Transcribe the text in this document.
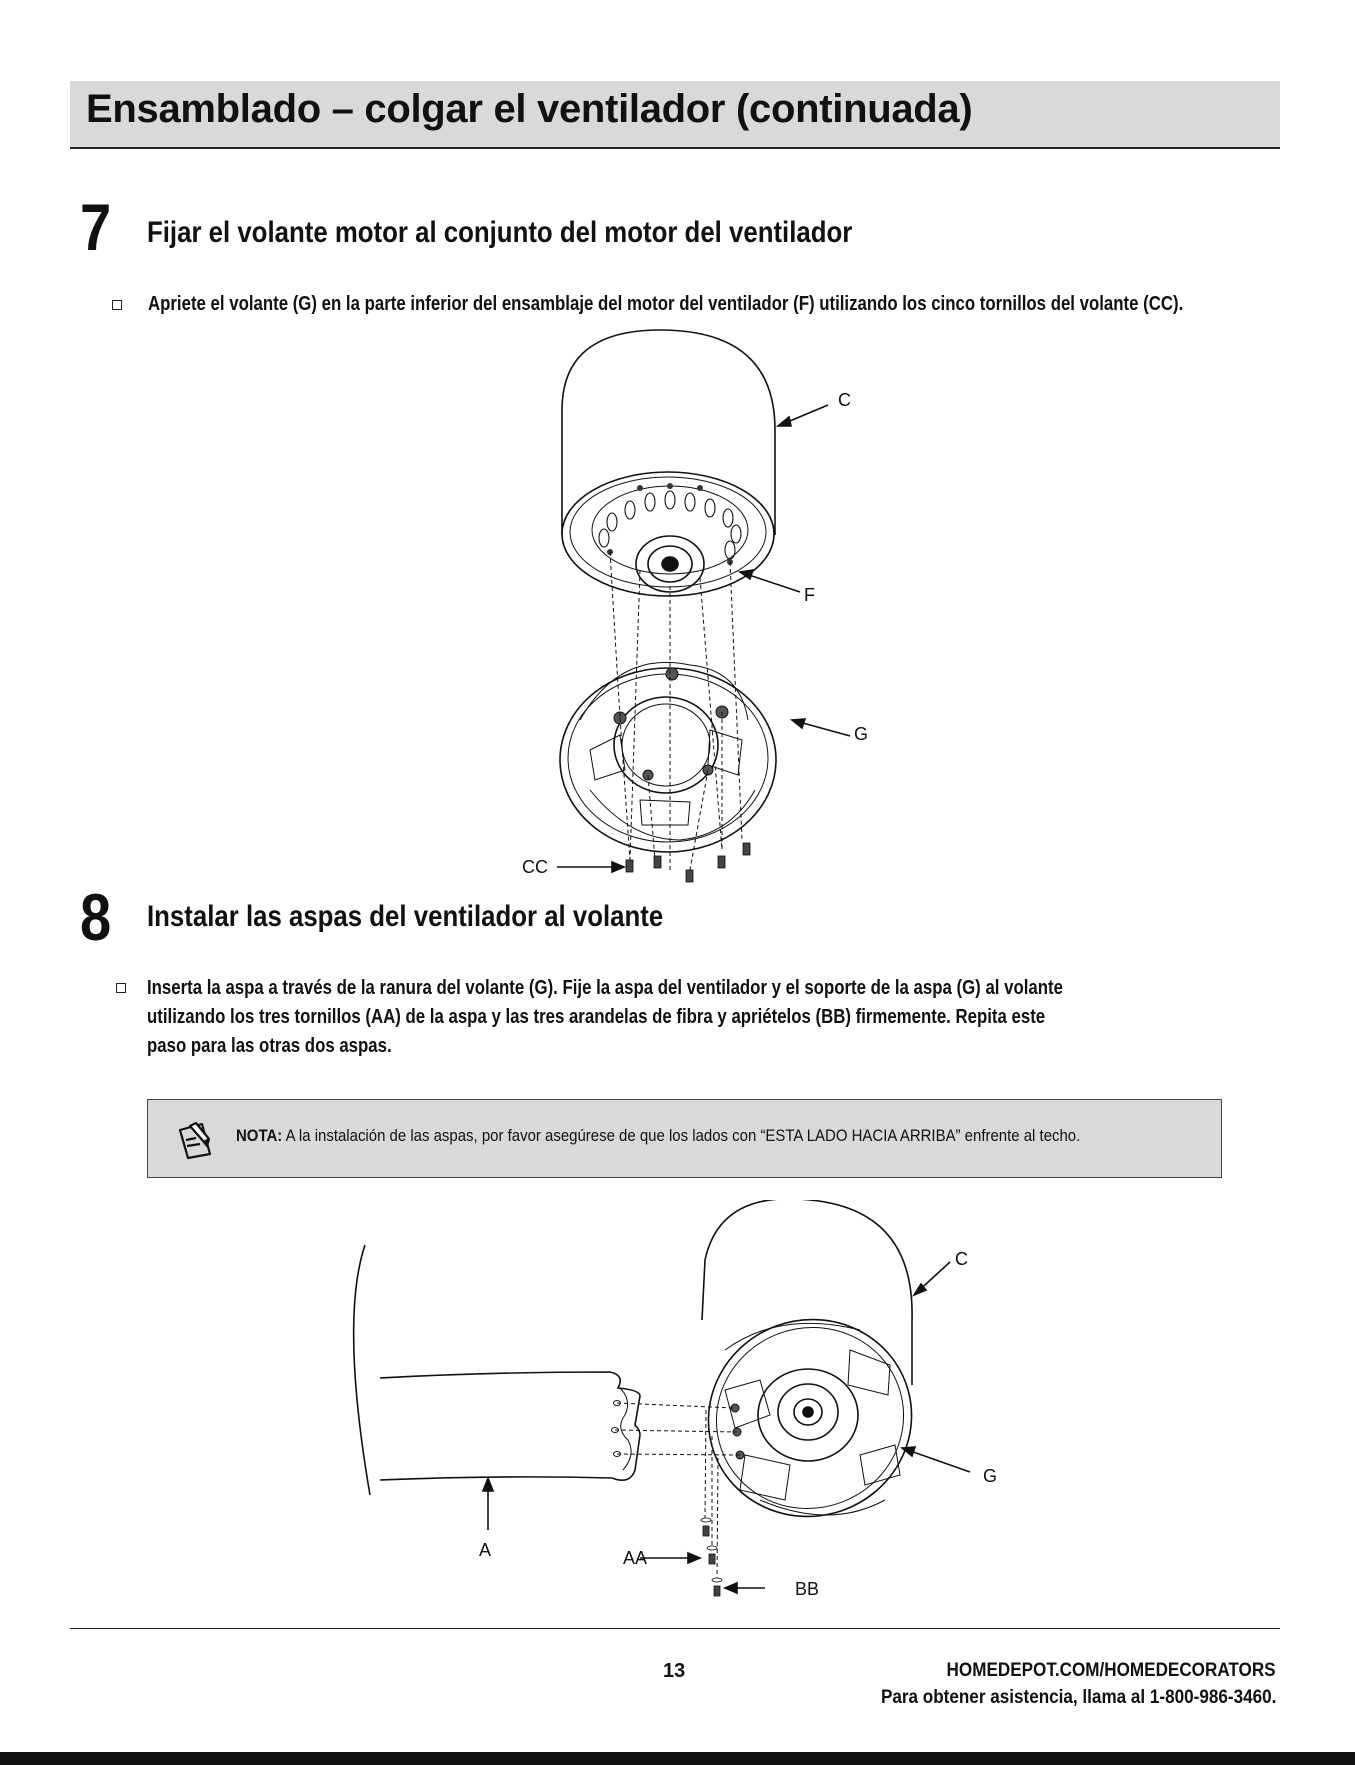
Ensamblado – colgar el ventilador (continuada)
7 Fijar el volante motor al conjunto del motor del ventilador
Apriete el volante (G) en la parte inferior del ensamblaje del motor del ventilador (F) utilizando los cinco tornillos del volante (CC).
C
F
G
CC
8 Instalar las aspas del ventilador al volante
Inserta la aspa a través de la ranura del volante (G). Fije la aspa del ventilador y el soporte de la aspa (G) al volante
utilizando los tres tornillos (AA) de la aspa y las tres arandelas de fibra y apriételos (BB) firmemente. Repita este
paso para las otras dos aspas.
NOTA: A la instalación de las aspas, por favor asegúrese de que los lados con “ESTA LADO HACIA ARRIBA” enfrente al techo.
C
G
A	AA
BB
13	HOMEDEPOT.COM/HOMEDECORATORS
Para obtener asistencia, llama al 1-800-986-3460.
